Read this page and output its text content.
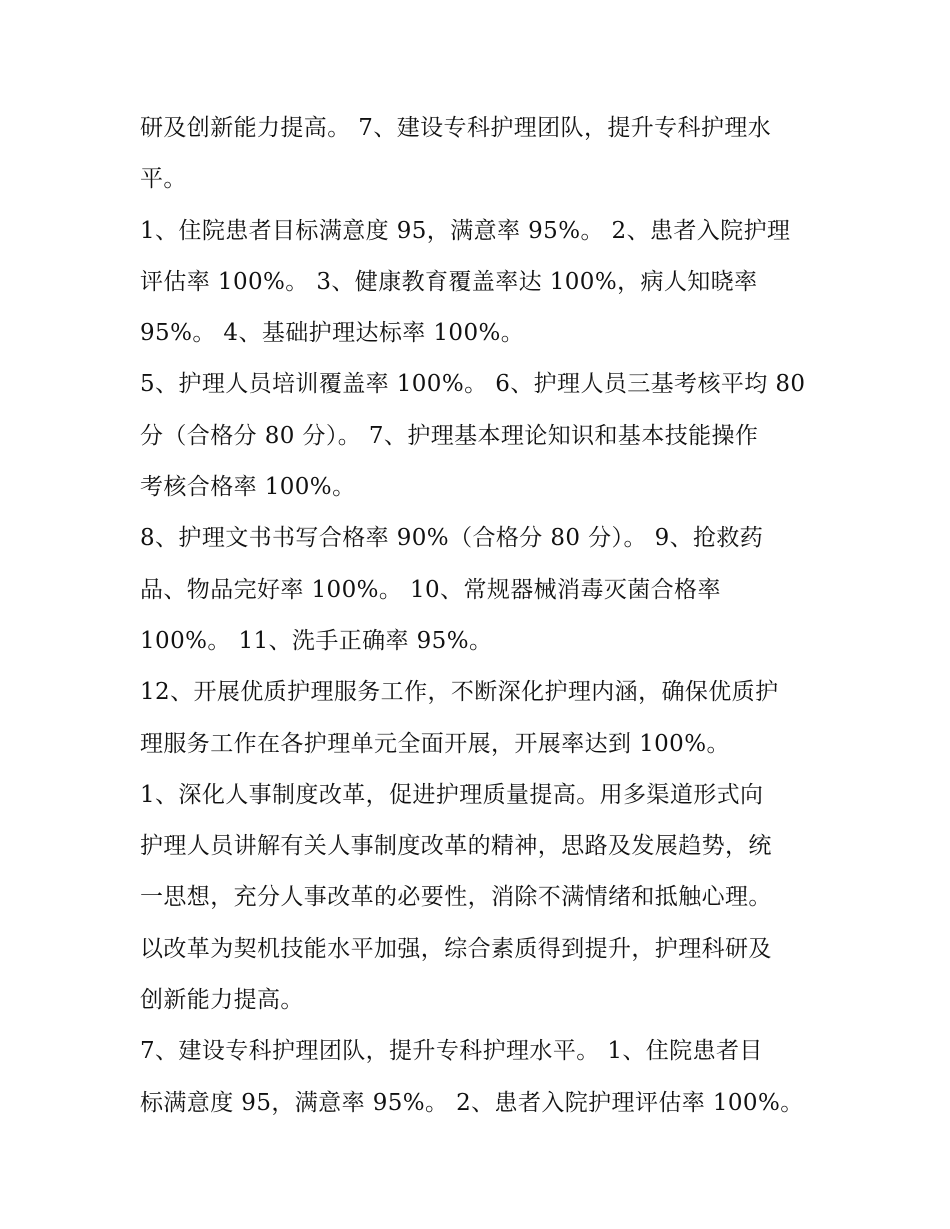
研及创新能力提高。 7、建设专科护理团队，提升专科护理水
平。
1、住院患者目标满意度 95，满意率 95%。 2、患者入院护理
评估率 100%。 3、健康教育覆盖率达 100%，病人知晓率
95%。 4、基础护理达标率 100%。
5、护理人员培训覆盖率 100%。 6、护理人员三基考核平均 80
分（合格分 80 分）。 7、护理基本理论知识和基本技能操作
考核合格率 100%。
8、护理文书书写合格率 90%（合格分 80 分）。 9、抢救药
品、物品完好率 100%。 10、常规器械消毒灭菌合格率
100%。 11、洗手正确率 95%。
12、开展优质护理服务工作，不断深化护理内涵，确保优质护
理服务工作在各护理单元全面开展，开展率达到 100%。
1、深化人事制度改革，促进护理质量提高。用多渠道形式向
护理人员讲解有关人事制度改革的精神，思路及发展趋势，统
一思想，充分人事改革的必要性，消除不满情绪和抵触心理。
以改革为契机技能水平加强，综合素质得到提升，护理科研及
创新能力提高。
7、建设专科护理团队，提升专科护理水平。 1、住院患者目
标满意度 95，满意率 95%。 2、患者入院护理评估率 100%。
